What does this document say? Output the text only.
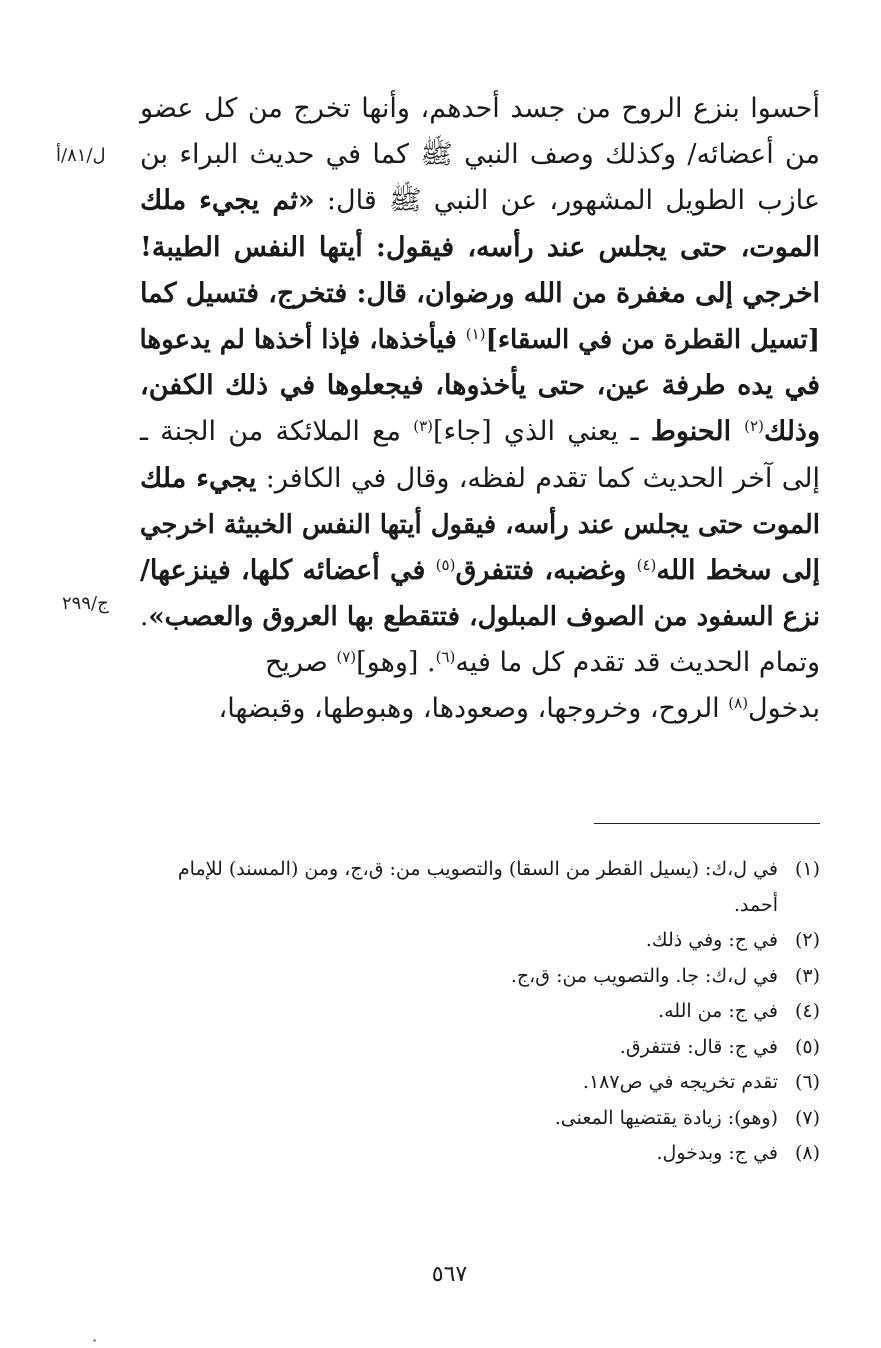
ل/٨١/أ
ج/٢٩٩
أحسوا بنزع الروح من جسد أحدهم، وأنها تخرج من كل عضو
من أعضائه/ وكذلك وصف النبي ﷺ كما في حديث البراء بن
عازب الطويل المشهور، عن النبي ﷺ قال: «ثم يجيء ملك
الموت، حتى يجلس عند رأسه، فيقول: أيتها النفس الطيبة!
اخرجي إلى مغفرة من الله ورضوان، قال: فتخرج، فتسيل كما
[تسيل القطرة من في السقاء]$^{(١)}$ فيأخذها، فإذا أخذها لم يدعوها
في يده طرفة عين، حتى يأخذوها، فيجعلوها في ذلك الكفن،
وذلك$^{(٢)}$ الحنوط ـ يعني الذي [جاء]$^{(٣)}$ مع الملائكة من الجنة ـ
إلى آخر الحديث كما تقدم لفظه، وقال في الكافر: يجيء ملك
الموت حتى يجلس عند رأسه، فيقول أيتها النفس الخبيثة اخرجي
إلى سخط الله$^{(٤)}$ وغضبه، فتتفرق$^{(٥)}$ في أعضائه كلها، فينزعها/
نزع السفود من الصوف المبلول، فتتقطع بها العروق والعصب».
وتمام الحديث قد تقدم كل ما فيه$^{(٦)}$. [وهو]$^{(٧)}$ صريح
بدخول$^{(٨)}$ الروح، وخروجها، وصعودها، وهبوطها، وقبضها،
(١)
في ل،ك: (يسيل القطر من السقا) والتصويب من: ق،ج، ومن (المسند) للإمام أحمد.
(٢)
في ج: وفي ذلك.
(٣)
في ل،ك: جا. والتصويب من: ق،ج.
(٤)
في ج: من الله.
(٥)
في ج: قال: فتتفرق.
(٦)
تقدم تخريجه في ص١٨٧.
(٧)
(وهو): زيادة يقتضيها المعنى.
(٨)
في ج: وبدخول.
٥٦٧
